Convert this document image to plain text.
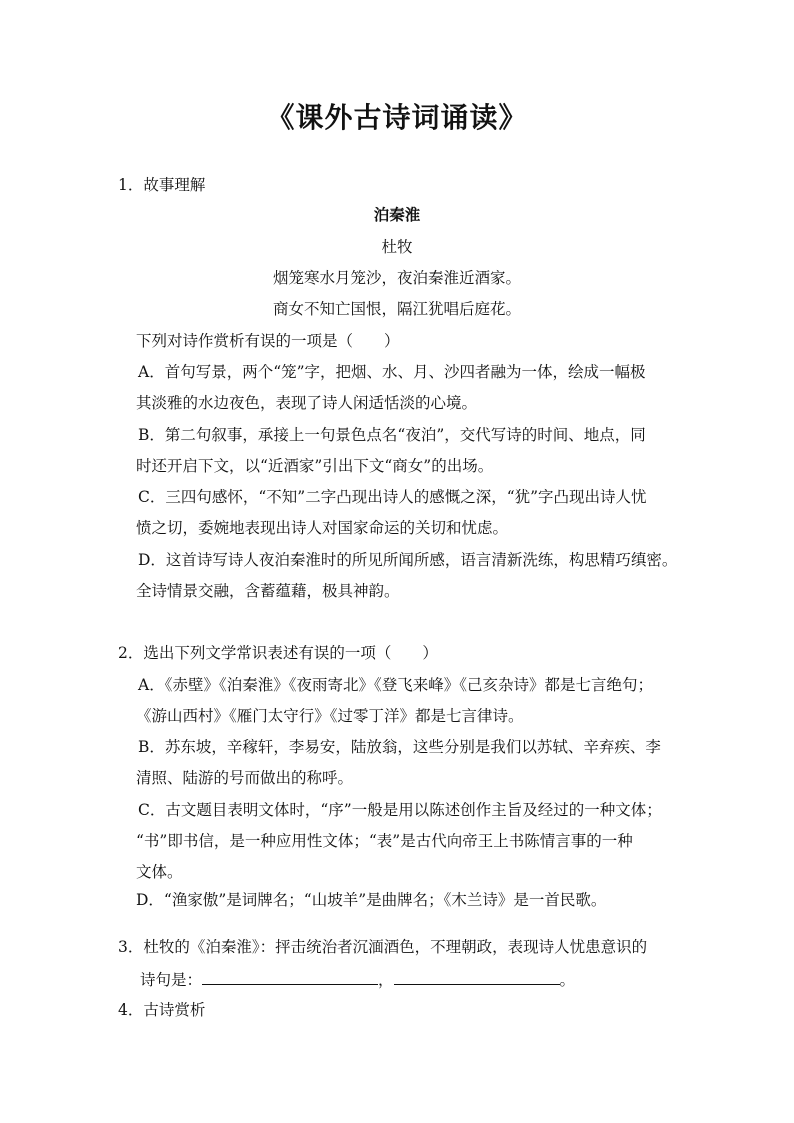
《课外古诗词诵读》
1．故事理解
泊秦淮
杜牧
烟笼寒水月笼沙，夜泊秦淮近酒家。
商女不知亡国恨，隔江犹唱后庭花。
下列对诗作赏析有误的一项是（　　）
A．首句写景，两个“笼”字，把烟、水、月、沙四者融为一体，绘成一幅极
其淡雅的水边夜色，表现了诗人闲适恬淡的心境。
B．第二句叙事，承接上一句景色点名“夜泊”，交代写诗的时间、地点，同
时还开启下文，以“近酒家”引出下文“商女”的出场。
C．三四句感怀，“不知”二字凸现出诗人的感慨之深，“犹”字凸现出诗人忧
愤之切，委婉地表现出诗人对国家命运的关切和忧虑。
D．这首诗写诗人夜泊秦淮时的所见所闻所感，语言清新洗练，构思精巧缜密。
全诗情景交融，含蓄蕴藉，极具神韵。
2．选出下列文学常识表述有误的一项（　　）
A．《赤壁》《泊秦淮》《夜雨寄北》《登飞来峰》《己亥杂诗》都是七言绝句；
《游山西村》《雁门太守行》《过零丁洋》都是七言律诗。
B．苏东坡，辛稼轩，李易安，陆放翁，这些分别是我们以苏轼、辛弃疾、李
清照、陆游的号而做出的称呼。
C．古文题目表明文体时，“序”一般是用以陈述创作主旨及经过的一种文体；
“书”即书信，是一种应用性文体；“表”是古代向帝王上书陈情言事的一种
文体。
D．“渔家傲”是词牌名；“山坡羊”是曲牌名；《木兰诗》是一首民歌。
3．杜牧的《泊秦淮》：抨击统治者沉湎酒色，不理朝政，表现诗人忧患意识的
诗句是：	，	。
4．古诗赏析
